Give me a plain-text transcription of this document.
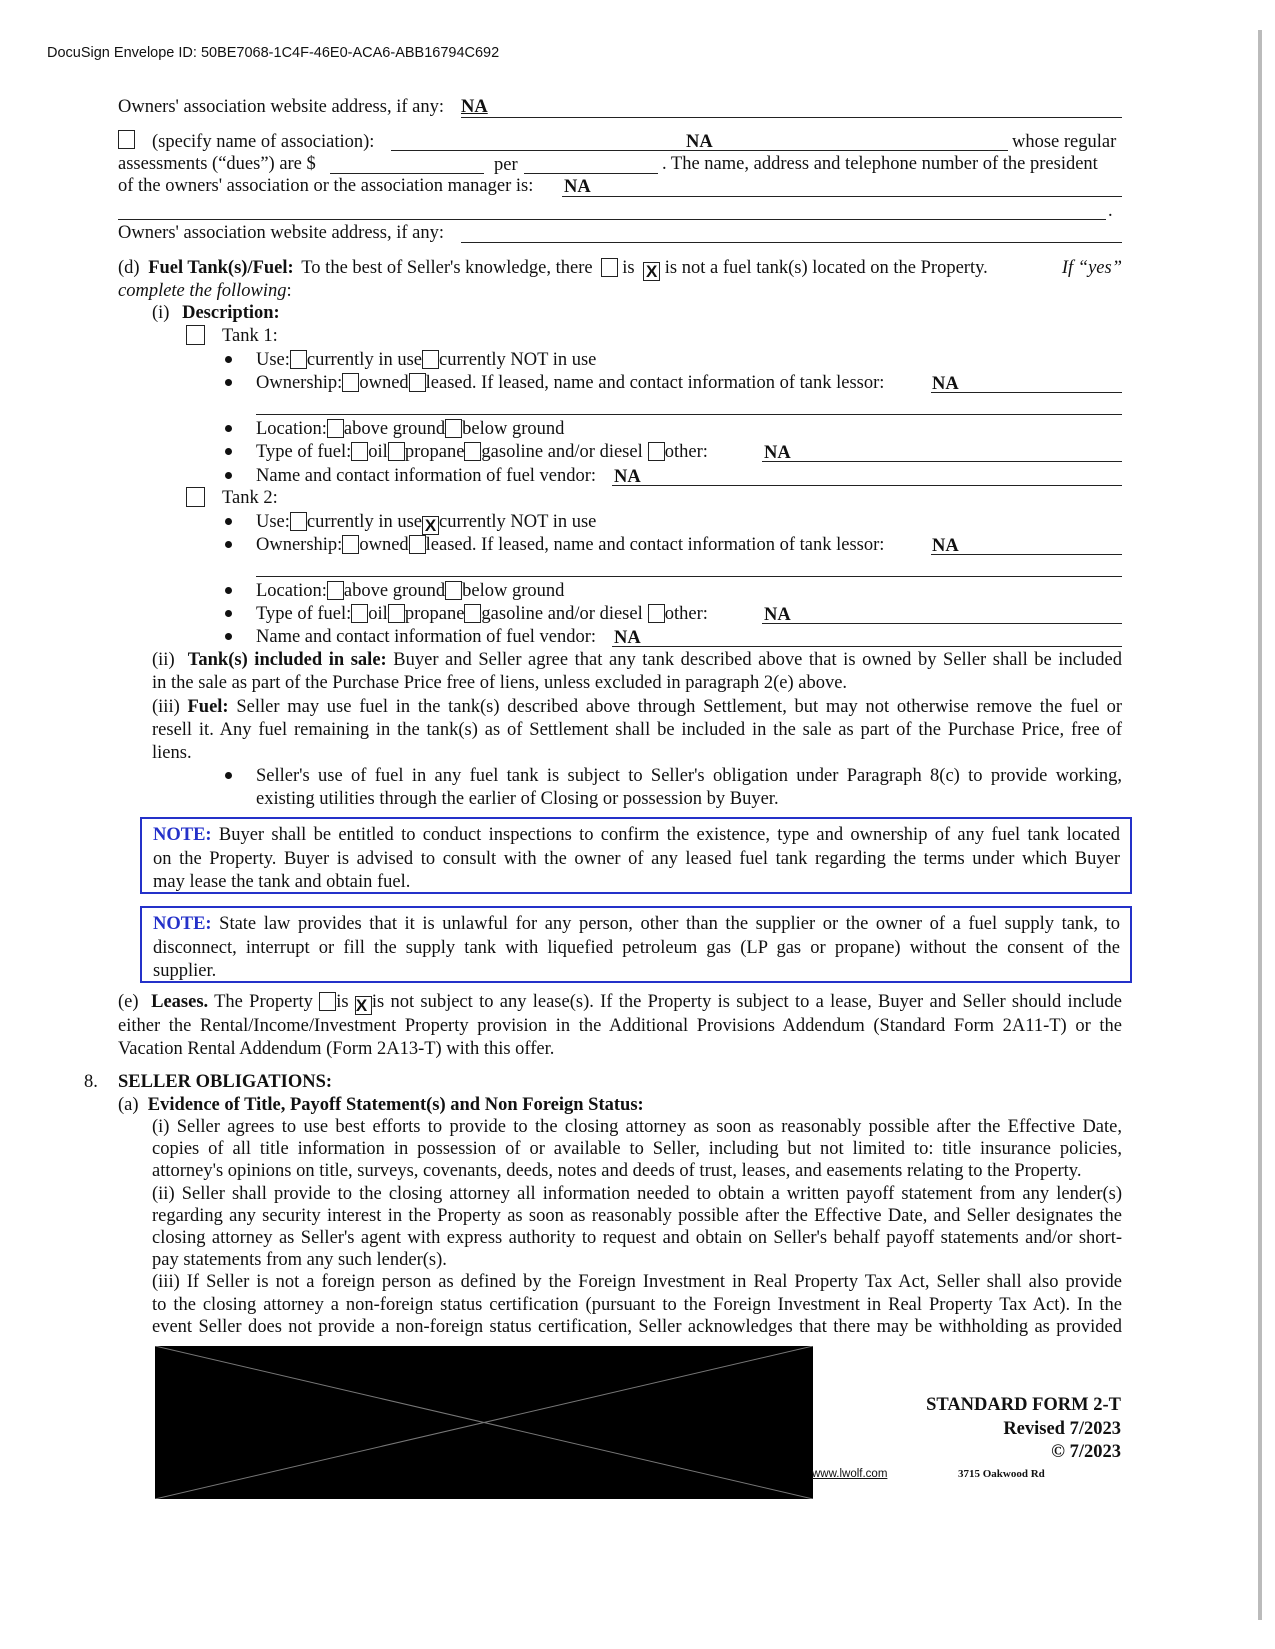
DocuSign Envelope ID: 50BE7068-1C4F-46E0-ACA6-ABB16794C692
Owners' association website address, if any: NA
(specify name of association):	NA	whose regular
assessments (“dues”) are $	per	. The name, address and telephone number of the president
of the owners' association or the association manager is: NA
.
Owners' association website address, if any:
(d) Fuel Tank(s)/Fuel: To the best of Seller's knowledge, there is X is not a fuel tank(s) located on the Property.	If “yes”
complete the following:
(i) Description:
Tank 1:
Use: currently in use currently NOT in use
Ownership: owned leased. If leased, name and contact information of tank lessor:	NA
Location: above ground below ground
Type of fuel: oil propane gasoline and/or diesel other:	NA
Name and contact information of fuel vendor: NA
Tank 2:
Use: currently in use X currently NOT in use
Ownership: owned leased. If leased, name and contact information of tank lessor:	NA
Location: above ground below ground
Type of fuel: oil propane gasoline and/or diesel other:	NA
Name and contact information of fuel vendor: NA
(ii) Tank(s) included in sale: Buyer and Seller agree that any tank described above that is owned by Seller shall be included
in the sale as part of the Purchase Price free of liens, unless excluded in paragraph 2(e) above.
(iii) Fuel: Seller may use fuel in the tank(s) described above through Settlement, but may not otherwise remove the fuel or
resell it. Any fuel remaining in the tank(s) as of Settlement shall be included in the sale as part of the Purchase Price, free of
liens.
Seller's use of fuel in any fuel tank is subject to Seller's obligation under Paragraph 8(c) to provide working,
existing utilities through the earlier of Closing or possession by Buyer.
NOTE: Buyer shall be entitled to conduct inspections to confirm the existence, type and ownership of any fuel tank located
on the Property. Buyer is advised to consult with the owner of any leased fuel tank regarding the terms under which Buyer
may lease the tank and obtain fuel.
NOTE: State law provides that it is unlawful for any person, other than the supplier or the owner of a fuel supply tank, to
disconnect, interrupt or fill the supply tank with liquefied petroleum gas (LP gas or propane) without the consent of the
supplier.
(e) Leases. The Property is X is not subject to any lease(s). If the Property is subject to a lease, Buyer and Seller should include
either the Rental/Income/Investment Property provision in the Additional Provisions Addendum (Standard Form 2A11-T) or the
Vacation Rental Addendum (Form 2A13-T) with this offer.
8. SELLER OBLIGATIONS:
(a) Evidence of Title, Payoff Statement(s) and Non Foreign Status:
(i) Seller agrees to use best efforts to provide to the closing attorney as soon as reasonably possible after the Effective Date,
copies of all title information in possession of or available to Seller, including but not limited to: title insurance policies,
attorney's opinions on title, surveys, covenants, deeds, notes and deeds of trust, leases, and easements relating to the Property.
(ii) Seller shall provide to the closing attorney all information needed to obtain a written payoff statement from any lender(s)
regarding any security interest in the Property as soon as reasonably possible after the Effective Date, and Seller designates the
closing attorney as Seller's agent with express authority to request and obtain on Seller's behalf payoff statements and/or short-
pay statements from any such lender(s).
(iii) If Seller is not a foreign person as defined by the Foreign Investment in Real Property Tax Act, Seller shall also provide
to the closing attorney a non-foreign status certification (pursuant to the Foreign Investment in Real Property Tax Act). In the
event Seller does not provide a non-foreign status certification, Seller acknowledges that there may be withholding as provided
STANDARD FORM 2-T
Revised 7/2023
© 7/2023
www.lwolf.com	3715 Oakwood Rd
